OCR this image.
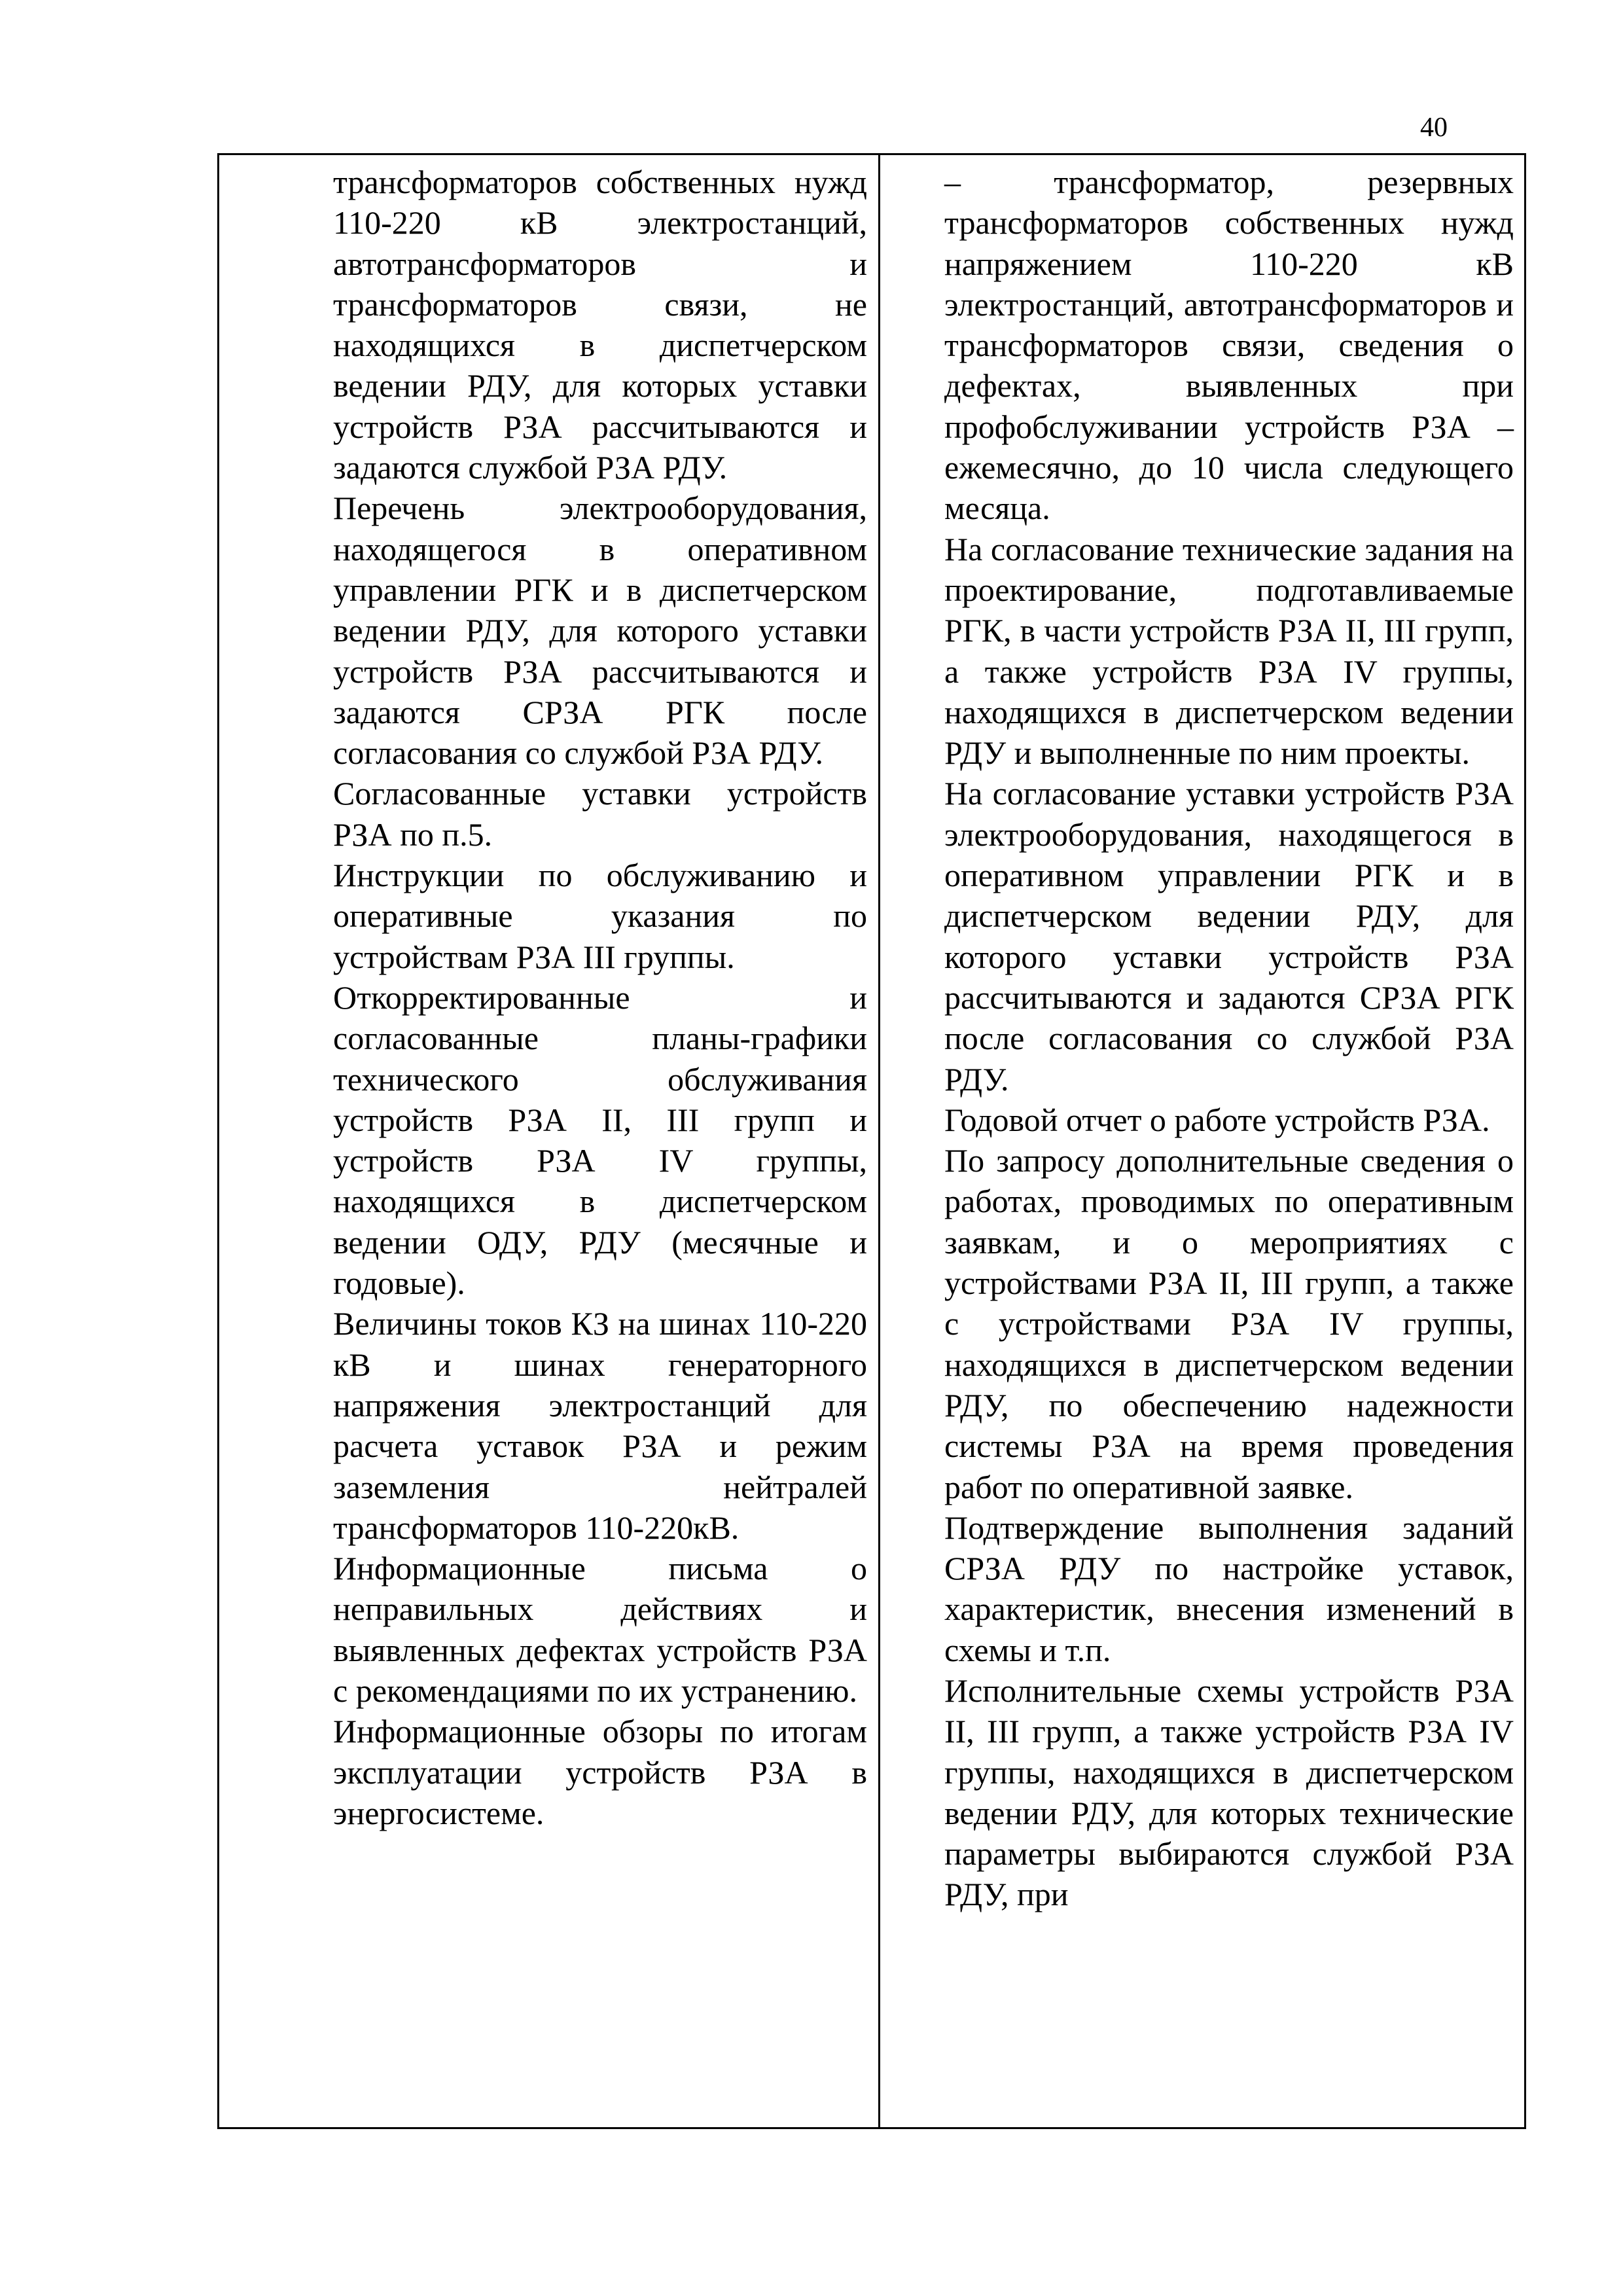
40

трансформаторов собственных нужд 110-220 кВ электростанций, автотрансформаторов и трансформаторов связи, не находящихся в диспетчерском ведении РДУ, для которых уставки устройств РЗА рассчитываются и задаются службой РЗА РДУ.

Перечень электрооборудования, находящегося в оперативном управлении РГК и в диспетчерском ведении РДУ, для которого уставки устройств РЗА рассчитываются и задаются СРЗА РГК после согласования со службой РЗА РДУ.

Согласованные уставки устройств РЗА по п.5.

Инструкции по обслуживанию и оперативные указания по устройствам РЗА III группы.

Откорректированные и согласованные планы-графики технического обслуживания устройств РЗА II, III групп и устройств РЗА IV группы, находящихся в диспетчерском ведении ОДУ, РДУ (месячные и годовые).

Величины токов КЗ на шинах 110-220 кВ и шинах генераторного напряжения электростанций для расчета уставок РЗА и режим заземления нейтралей трансформаторов 110-220кВ.

Информационные письма о неправильных действиях и выявленных дефектах устройств РЗА с рекомендациями по их устранению.

Информационные обзоры по итогам эксплуатации устройств РЗА в энергосистеме.

– трансформатор, резервных трансформаторов собственных нужд напряжением 110-220 кВ электростанций, автотрансформаторов и трансформаторов связи, сведения о дефектах, выявленных при профобслуживании устройств РЗА – ежемесячно, до 10 числа следующего месяца.

На согласование технические задания на проектирование, подготавливаемые РГК, в части устройств РЗА II, III групп, а также устройств РЗА IV группы, находящихся в диспетчерском ведении РДУ и выполненные по ним проекты.

На согласование уставки устройств РЗА электрооборудования, находящегося в оперативном управлении РГК и в диспетчерском ведении РДУ, для которого уставки устройств РЗА рассчитываются и задаются СРЗА РГК после согласования со службой РЗА РДУ.

Годовой отчет о работе устройств РЗА.

По запросу дополнительные сведения о работах, проводимых по оперативным заявкам, и о мероприятиях с устройствами РЗА II, III групп, а также с устройствами РЗА IV группы, находящихся в диспетчерском ведении РДУ, по обеспечению надежности системы РЗА на время проведения работ по оперативной заявке.

Подтверждение выполнения заданий СРЗА РДУ по настройке уставок, характеристик, внесения изменений в схемы и т.п.

Исполнительные схемы устройств РЗА II, III групп, а также устройств РЗА IV группы, находящихся в диспетчерском ведении РДУ, для которых технические параметры выбираются службой РЗА РДУ, при
